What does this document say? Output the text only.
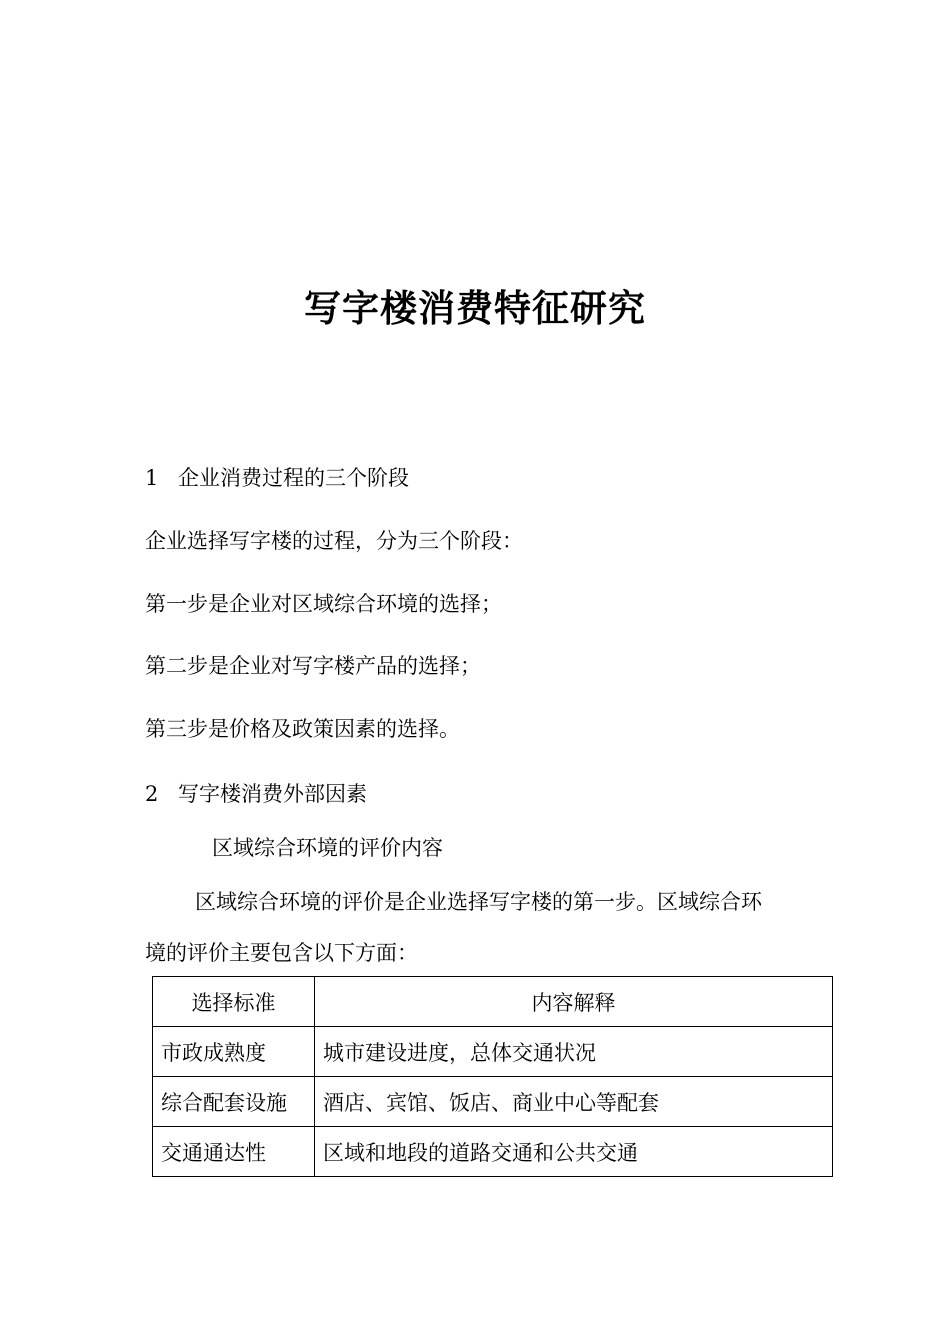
写字楼消费特征研究
1 企业消费过程的三个阶段
企业选择写字楼的过程，分为三个阶段：
第一步是企业对区域综合环境的选择；
第二步是企业对写字楼产品的选择；
第三步是价格及政策因素的选择。
2 写字楼消费外部因素
区域综合环境的评价内容
区域综合环境的评价是企业选择写字楼的第一步。区域综合环
境的评价主要包含以下方面：
选择标准	内容解释
市政成熟度	城市建设进度，总体交通状况
综合配套设施	酒店、宾馆、饭店、商业中心等配套
交通通达性	区域和地段的道路交通和公共交通
